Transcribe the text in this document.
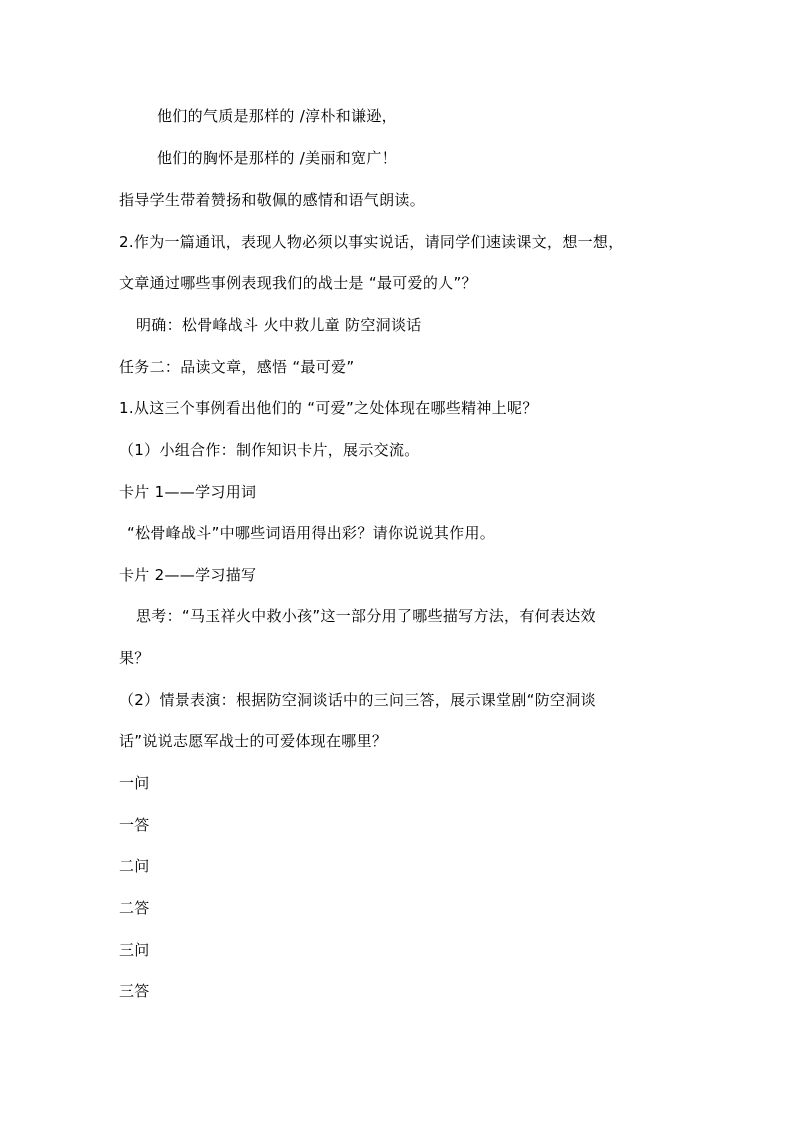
他们的气质是那样的 /淳朴和谦逊，
他们的胸怀是那样的 /美丽和宽广！
指导学生带着赞扬和敬佩的感情和语气朗读。
2.作为一篇通讯，表现人物必须以事实说话，请同学们速读课文，想一想，
文章通过哪些事例表现我们的战士是 “最可爱的人”？
明确：松骨峰战斗 火中救儿童 防空洞谈话
任务二：品读文章，感悟 “最可爱”
1.从这三个事例看出他们的 “可爱”之处体现在哪些精神上呢？
（1）小组合作：制作知识卡片，展示交流。
卡片 1——学习用词
“松骨峰战斗”中哪些词语用得出彩？请你说说其作用。
卡片 2——学习描写
思考：“马玉祥火中救小孩”这一部分用了哪些描写方法，有何表达效
果？
（2）情景表演：根据防空洞谈话中的三问三答，展示课堂剧“防空洞谈
话”说说志愿军战士的可爱体现在哪里？
一问
一答
二问
二答
三问
三答
